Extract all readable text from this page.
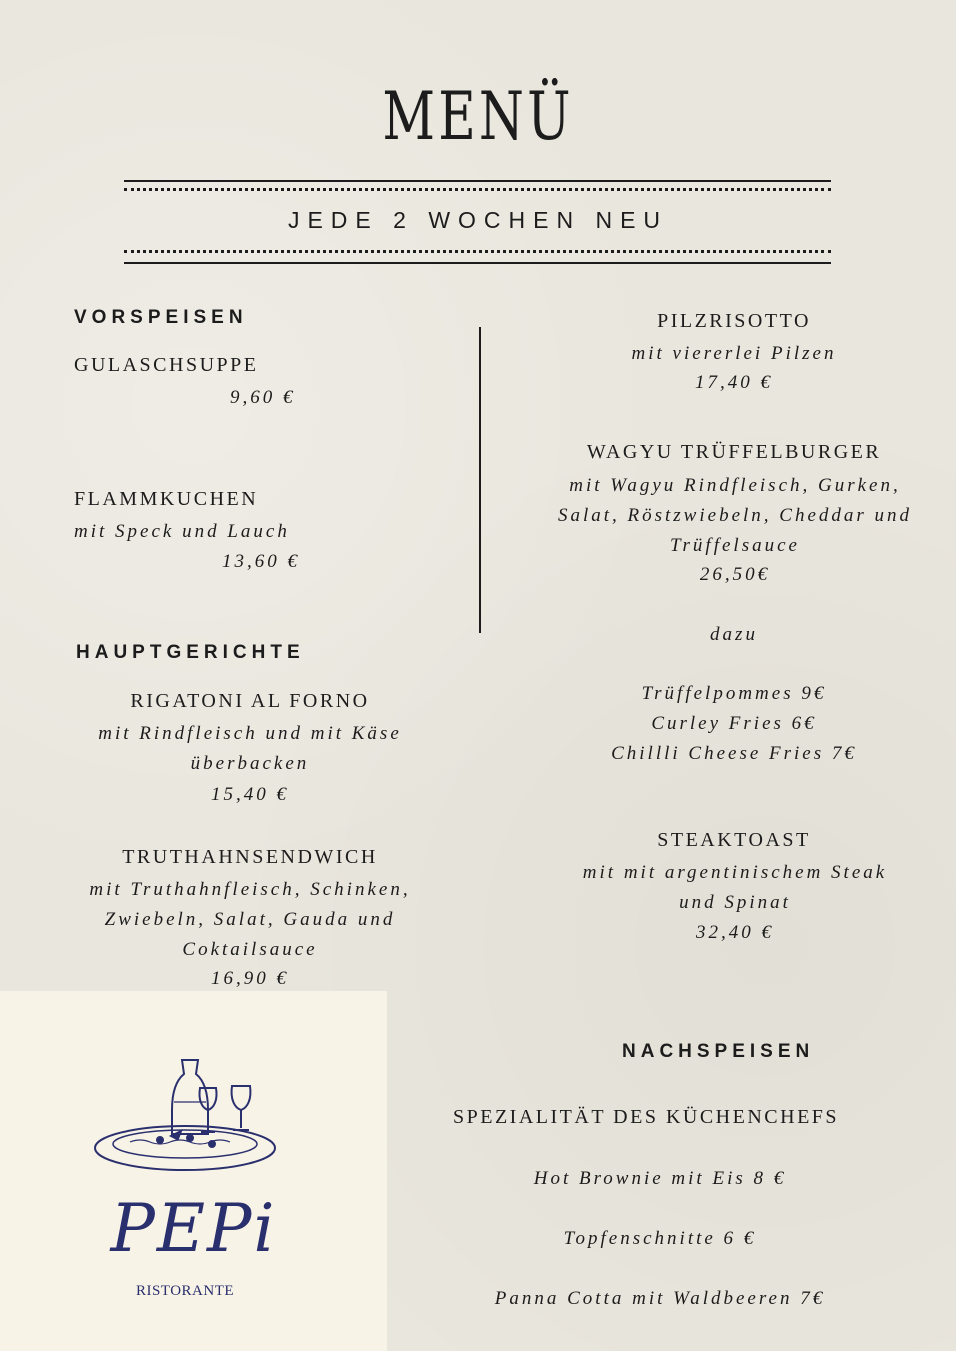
MENÜ
JEDE 2 WOCHEN NEU
VORSPEISEN
GULASCHSUPPE
9,60 €
FLAMMKUCHEN
mit Speck und Lauch
13,60 €
HAUPTGERICHTE
RIGATONI AL FORNO
mit Rindfleisch und mit Käse
überbacken
15,40 €
TRUTHAHNSENDWICH
mit Truthahnfleisch, Schinken,
Zwiebeln, Salat, Gauda und
Coktailsauce
16,90 €
PILZRISOTTO
mit viererlei Pilzen
17,40 €
WAGYU TRÜFFELBURGER
mit Wagyu Rindfleisch, Gurken,
Salat, Röstzwiebeln, Cheddar und
Trüffelsauce
26,50€
dazu
Trüffelpommes 9€
Curley Fries 6€
Chillli Cheese Fries 7€
STEAKTOAST
mit mit argentinischem Steak
und Spinat
32,40 €
NACHSPEISEN
SPEZIALITÄT DES KÜCHENCHEFS
Hot Brownie mit Eis 8 €
Topfenschnitte 6 €
Panna Cotta mit Waldbeeren 7€
PEPi
RISTORANTE
